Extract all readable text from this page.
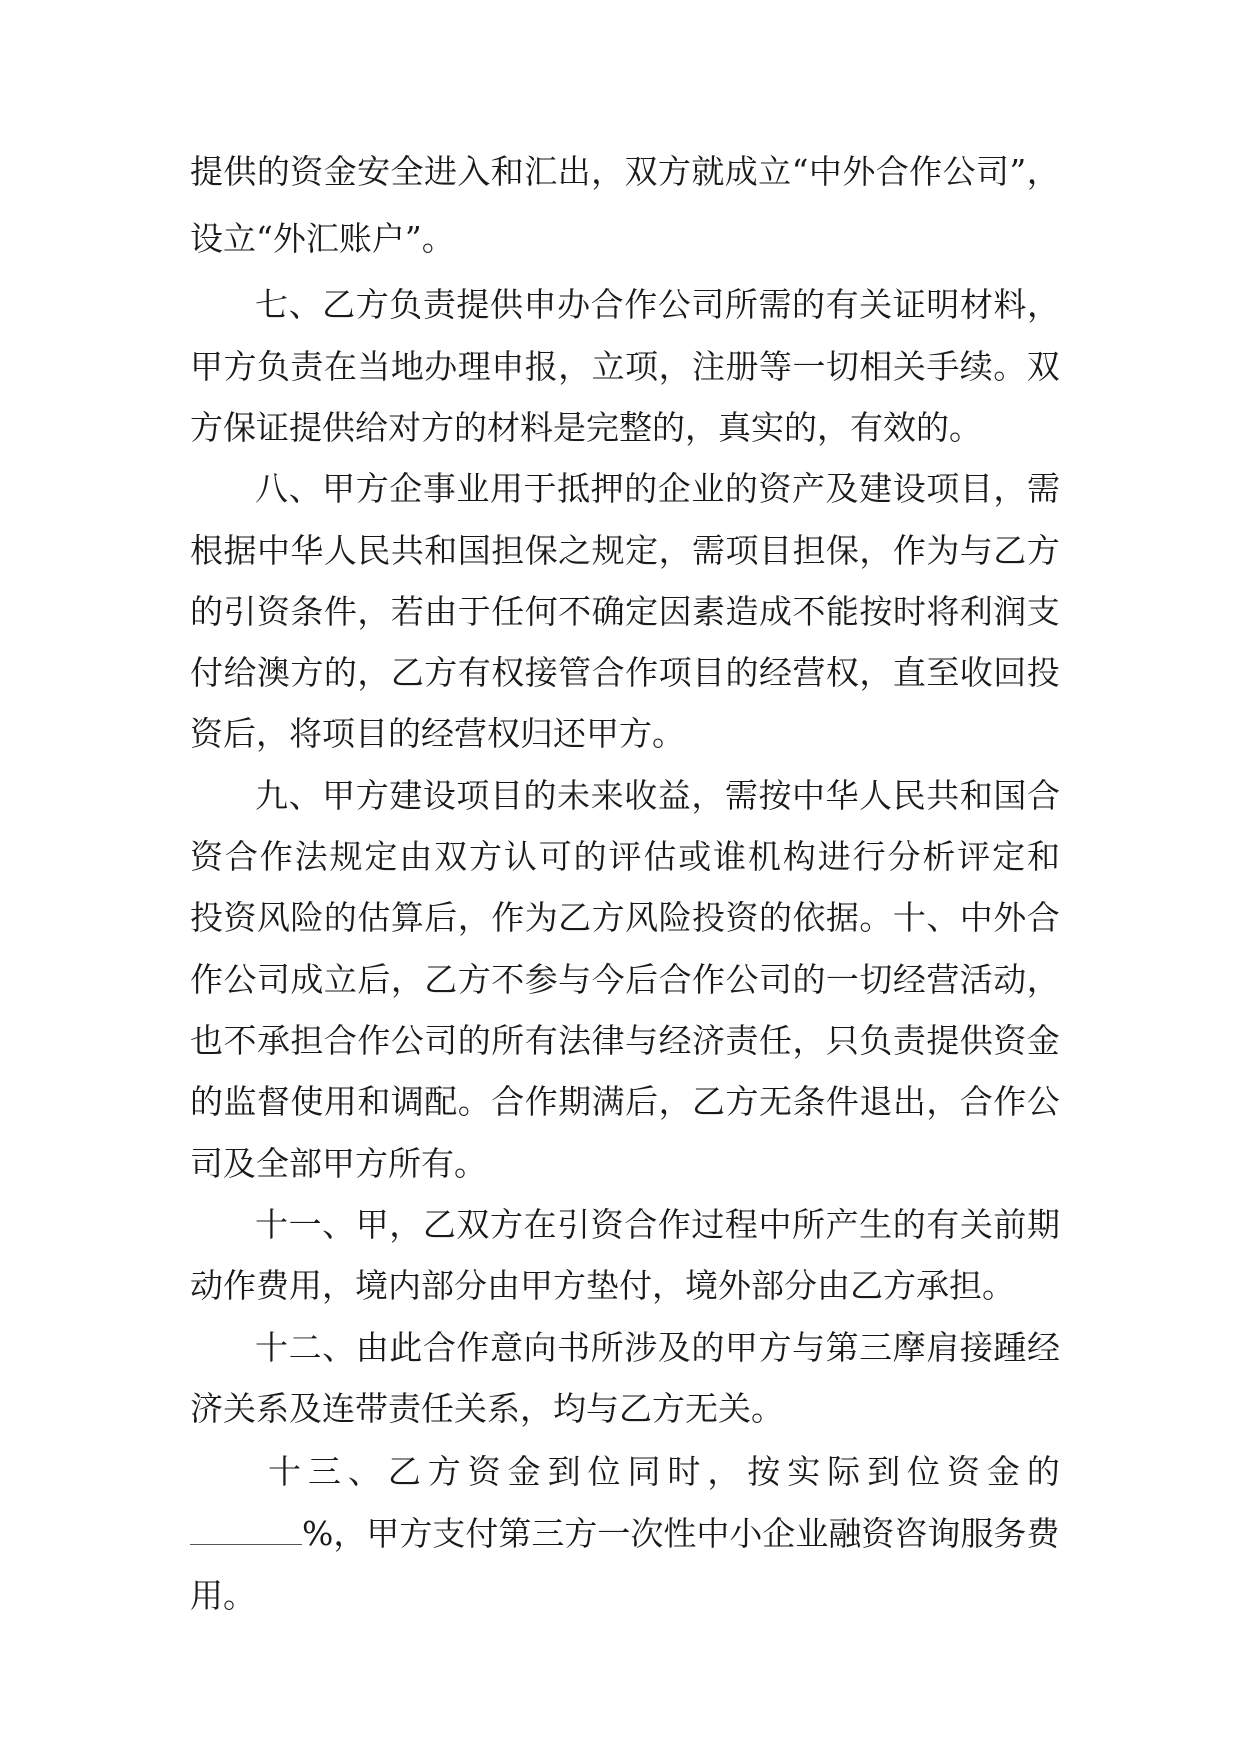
提 供 的 资 金 安 全 进 入 和 汇 出 ， 双 方 就 成 立 “ 中 外 合 作 公 司 ” ，
设立“外汇账户”。
七 、 乙 方 负 责 提 供 申 办 合 作 公 司 所 需 的 有 关 证 明 材 料 ，
甲 方 负 责 在 当 地 办 理 申 报 ， 立 项 ， 注 册 等 一 切 相 关 手 续 。 双
方保证提供给对方的材料是完整的，真实的，有效的。
八 、 甲 方 企 事 业 用 于 抵 押 的 企 业 的 资 产 及 建 设 项 目 ， 需
根 据 中 华 人 民 共 和 国 担 保 之 规 定 ， 需 项 目 担 保 ， 作 为 与 乙 方
的 引 资 条 件 ， 若 由 于 任 何 不 确 定 因 素 造 成 不 能 按 时 将 利 润 支
付 给 澳 方 的 ， 乙 方 有 权 接 管 合 作 项 目 的 经 营 权 ， 直 至 收 回 投
资后，将项目的经营权归还甲方。
九 、 甲 方 建 设 项 目 的 未 来 收 益 ， 需 按 中 华 人 民 共 和 国 合
资 合 作 法 规 定 由 双 方 认 可 的 评 估 或 谁 机 构 进 行 分 析 评 定 和
投 资 风 险 的 估 算 后 ， 作 为 乙 方 风 险 投 资 的 依 据 。 十 、 中 外 合
作 公 司 成 立 后 ， 乙 方 不 参 与 今 后 合 作 公 司 的 一 切 经 营 活 动 ，
也 不 承 担 合 作 公 司 的 所 有 法 律 与 经 济 责 任 ， 只 负 责 提 供 资 金
的 监 督 使 用 和 调 配 。 合 作 期 满 后 ， 乙 方 无 条 件 退 出 ， 合 作 公
司及全部甲方所有。
十 一 、 甲 ， 乙 双 方 在 引 资 合 作 过 程 中 所 产 生 的 有 关 前 期
动作费用，境内部分由甲方垫付，境外部分由乙方承担。
十 二 、 由 此 合 作 意 向 书 所 涉 及 的 甲 方 与 第 三 摩 肩 接 踵 经
济关系及连带责任关系，均与乙方无关。
十 三 、 乙 方 资 金 到 位 同 时 ， 按 实 际 到 位 资 金 的
%，甲方支付第三方一次性中小企业融资咨询服务费
用。
